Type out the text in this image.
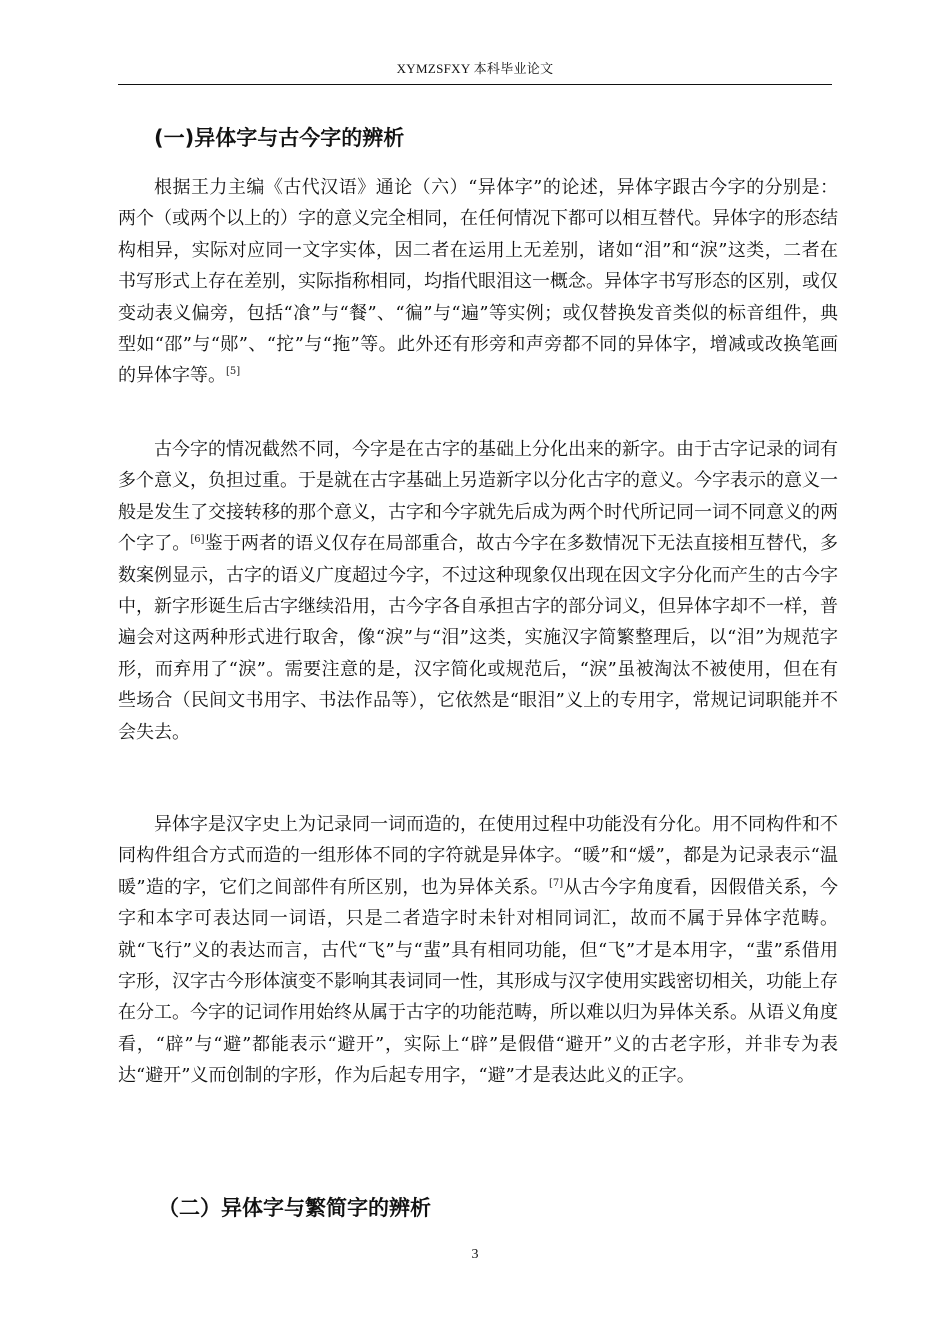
XYMZSFXY 本科毕业论文
(一)异体字与古今字的辨析

根据王力主编《古代汉语》通论（六）“异体字”的论述，异体字跟古今字的分别是：两个（或两个以上的）字的意义完全相同，在任何情况下都可以相互替代。异体字的形态结构相异，实际对应同一文字实体，因二者在运用上无差别，诸如“泪”和“淚”这类，二者在书写形式上存在差别，实际指称相同，均指代眼泪这一概念。异体字书写形态的区别，或仅变动表义偏旁，包括“飡”与“餐”、“徧”与“遍”等实例；或仅替换发音类似的标音组件，典型如“邵”与“郧”、“拕”与“拖”等。此外还有形旁和声旁都不同的异体字，增减或改换笔画的异体字等。[5]

古今字的情况截然不同，今字是在古字的基础上分化出来的新字。由于古字记录的词有多个意义，负担过重。于是就在古字基础上另造新字以分化古字的意义。今字表示的意义一般是发生了交接转移的那个意义，古字和今字就先后成为两个时代所记同一词不同意义的两个字了。[6]鉴于两者的语义仅存在局部重合，故古今字在多数情况下无法直接相互替代，多数案例显示，古字的语义广度超过今字，不过这种现象仅出现在因文字分化而产生的古今字中，新字形诞生后古字继续沿用，古今字各自承担古字的部分词义，但异体字却不一样，普遍会对这两种形式进行取舍，像“淚”与“泪”这类，实施汉字简繁整理后，以“泪”为规范字形，而弃用了“淚”。需要注意的是，汉字简化或规范后，“淚”虽被淘汰不被使用，但在有些场合（民间文书用字、书法作品等），它依然是“眼泪”义上的专用字，常规记词职能并不会失去。

异体字是汉字史上为记录同一词而造的，在使用过程中功能没有分化。用不同构件和不同构件组合方式而造的一组形体不同的字符就是异体字。“暖”和“煖”，都是为记录表示“温暖”造的字，它们之间部件有所区别，也为异体关系。[7]从古今字角度看，因假借关系，今字和本字可表达同一词语，只是二者造字时未针对相同词汇，故而不属于异体字范畴。就“飞行”义的表达而言，古代“飞”与“蜚”具有相同功能，但“飞”才是本用字，“蜚”系借用字形，汉字古今形体演变不影响其表词同一性，其形成与汉字使用实践密切相关，功能上存在分工。今字的记词作用始终从属于古字的功能范畴，所以难以归为异体关系。从语义角度看，“辟”与“避”都能表示“避开”，实际上“辟”是假借“避开”义的古老字形，并非专为表达“避开”义而创制的字形，作为后起专用字，“避”才是表达此义的正字。

（二）异体字与繁简字的辨析
3
